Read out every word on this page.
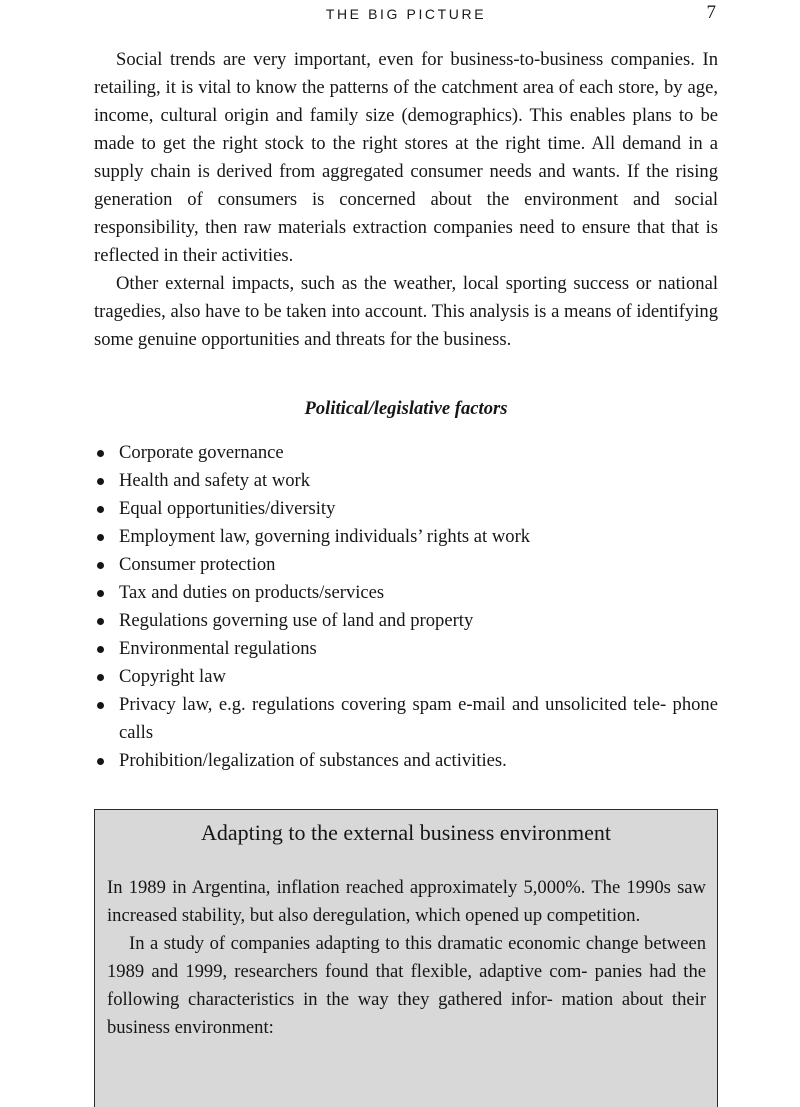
THE BIG PICTURE	7

Social trends are very important, even for business-to-business companies. In retailing, it is vital to know the patterns of the catchment area of each store, by age, income, cultural origin and family size (demographics). This enables plans to be made to get the right stock to the right stores at the right time. All demand in a supply chain is derived from aggregated consumer needs and wants. If the rising generation of consumers is concerned about the environment and social responsibility, then raw materials extraction companies need to ensure that that is reflected in their activities.

Other external impacts, such as the weather, local sporting success or national tragedies, also have to be taken into account. This analysis is a means of identifying some genuine opportunities and threats for the business.

Political/legislative factors
Corporate governance
Health and safety at work
Equal opportunities/diversity
Employment law, governing individuals’ rights at work
Consumer protection
Tax and duties on products/services
Regulations governing use of land and property
Environmental regulations
Copyright law
Privacy law, e.g. regulations covering spam e-mail and unsolicited tele- phone calls
Prohibition/legalization of substances and activities.
Adapting to the external business environment

In 1989 in Argentina, inflation reached approximately 5,000%. The 1990s saw increased stability, but also deregulation, which opened up competition.

In a study of companies adapting to this dramatic economic change between 1989 and 1999, researchers found that flexible, adaptive com- panies had the following characteristics in the way they gathered infor- mation about their business environment:
